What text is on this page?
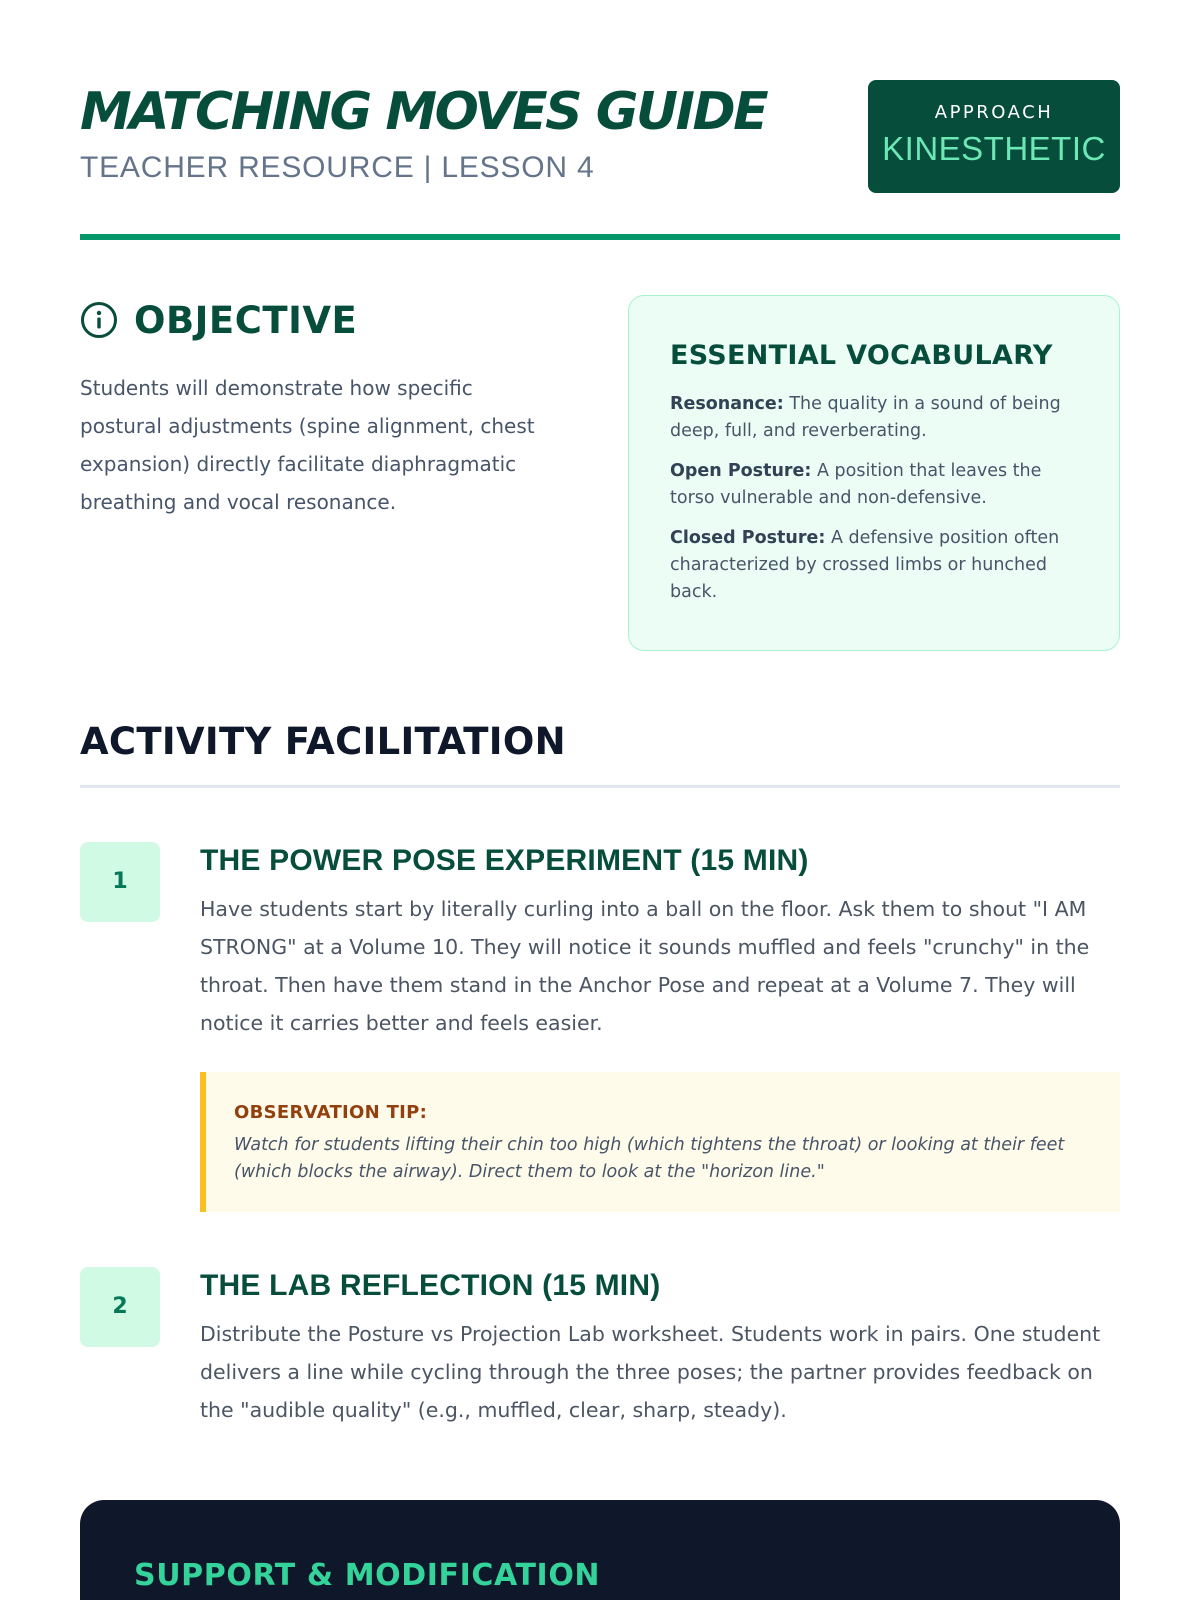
MATCHING MOVES GUIDE
TEACHER RESOURCE | LESSON 4
APPROACH
KINESTHETIC
OBJECTIVE

Students will demonstrate how specific postural adjustments (spine alignment, chest expansion) directly facilitate diaphragmatic breathing and vocal resonance.

ESSENTIAL VOCABULARY

Resonance: The quality in a sound of being deep, full, and reverberating.

Open Posture: A position that leaves the torso vulnerable and non-defensive.

Closed Posture: A defensive position often characterized by crossed limbs or hunched back.

ACTIVITY FACILITATION
1
THE POWER POSE EXPERIMENT (15 MIN)

Have students start by literally curling into a ball on the floor. Ask them to shout "I AM STRONG" at a Volume 10. They will notice it sounds muffled and feels "crunchy" in the throat. Then have them stand in the Anchor Pose and repeat at a Volume 7. They will notice it carries better and feels easier.

OBSERVATION TIP:

Watch for students lifting their chin too high (which tightens the throat) or looking at their feet (which blocks the airway). Direct them to look at the "horizon line."

2
THE LAB REFLECTION (15 MIN)

Distribute the Posture vs Projection Lab worksheet. Students work in pairs. One student delivers a line while cycling through the three poses; the partner provides feedback on the "audible quality" (e.g., muffled, clear, sharp, steady).

SUPPORT & MODIFICATION
